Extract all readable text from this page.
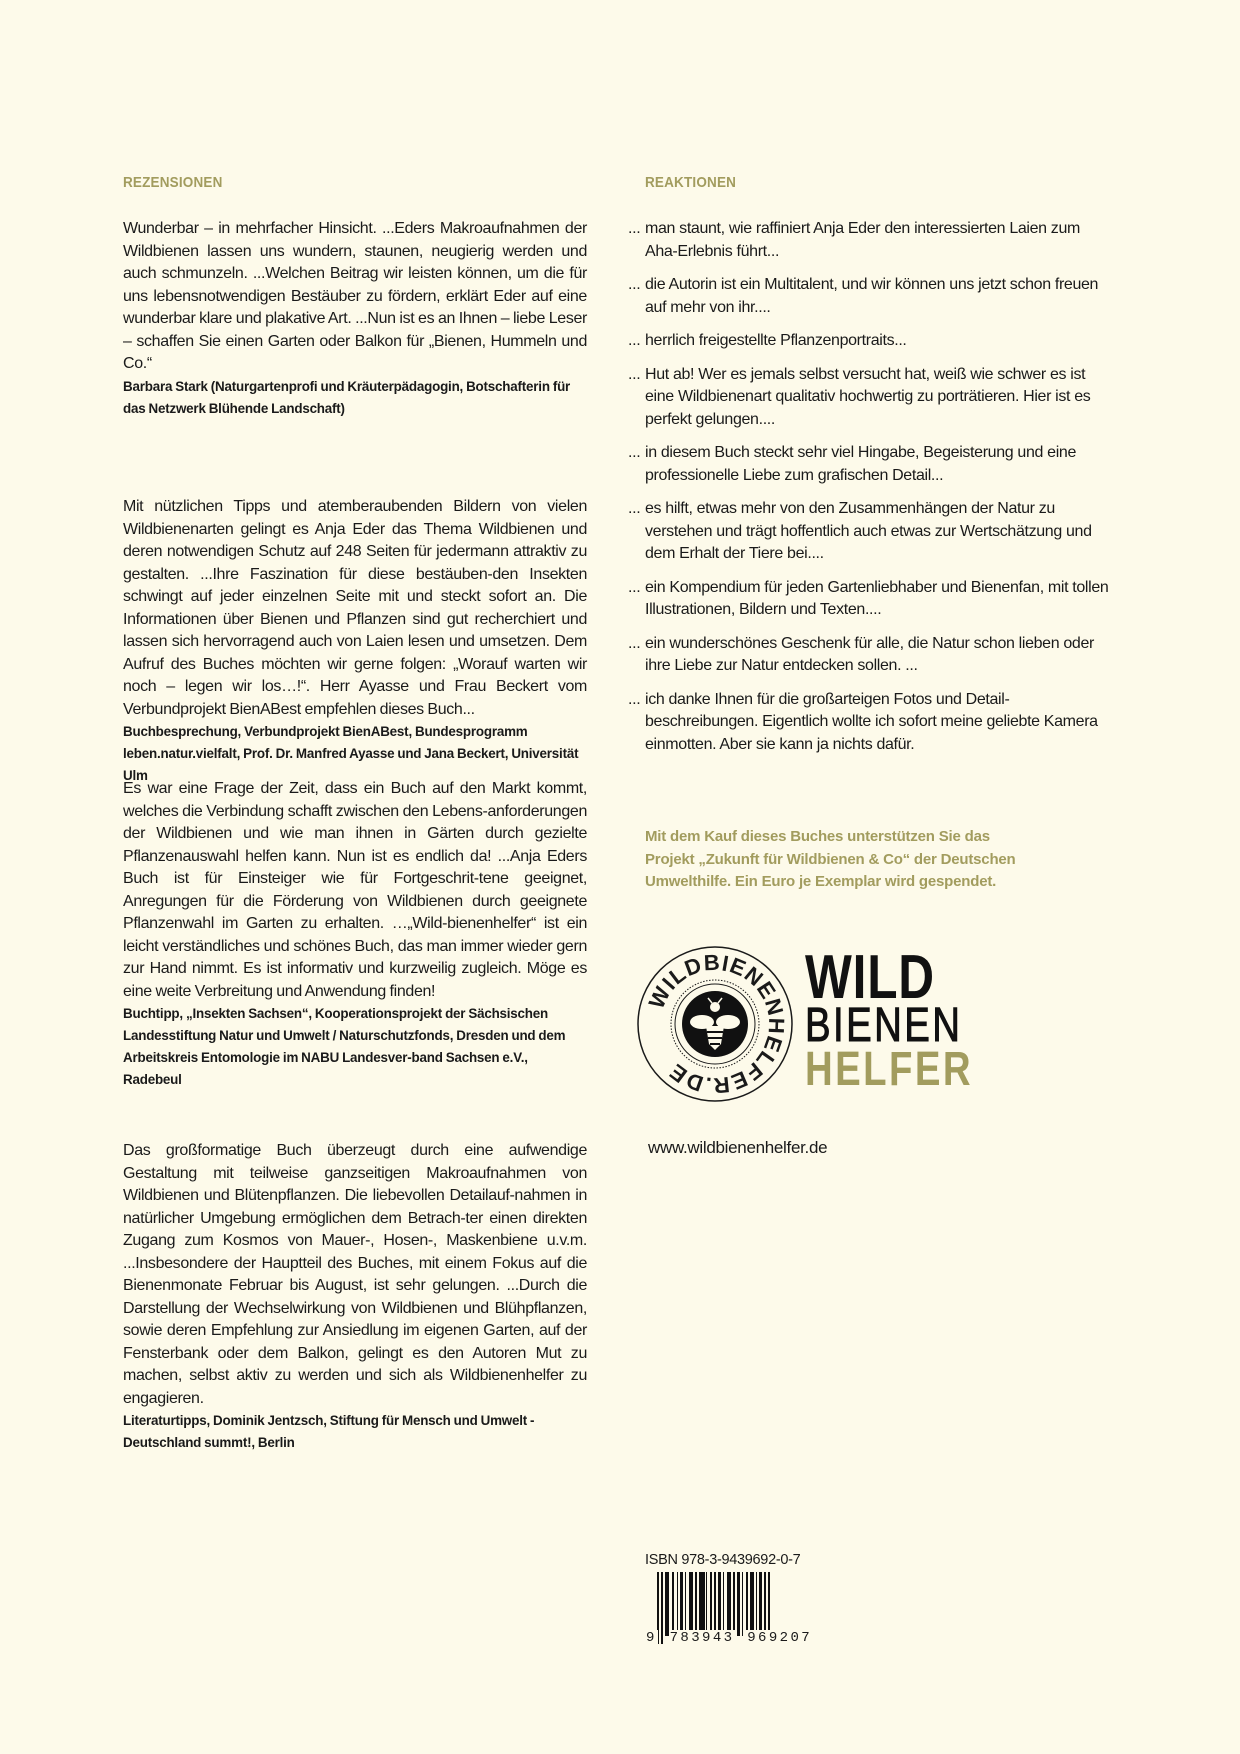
REZENSIONEN

Wunderbar – in mehrfacher Hinsicht. ...Eders Makroaufnahmen der Wildbienen lassen uns wundern, staunen, neugierig werden und auch schmunzeln. ...Welchen Beitrag wir leisten können, um die für uns lebensnotwendigen Bestäuber zu fördern, erklärt Eder auf eine wunderbar klare und plakative Art. ...Nun ist es an Ihnen – liebe Leser – schaffen Sie einen Garten oder Balkon für „Bienen, Hummeln und Co.“

Barbara Stark (Naturgartenprofi und Kräuterpädagogin, Botschafterin für das Netzwerk Blühende Landschaft)

Mit nützlichen Tipps und atemberaubenden Bildern von vielen Wildbienenarten gelingt es Anja Eder das Thema Wildbienen und deren notwendigen Schutz auf 248 Seiten für jedermann attraktiv zu gestalten. ...Ihre Faszination für diese bestäuben-den Insekten schwingt auf jeder einzelnen Seite mit und steckt sofort an. Die Informationen über Bienen und Pflanzen sind gut recherchiert und lassen sich hervorragend auch von Laien lesen und umsetzen. Dem Aufruf des Buches möchten wir gerne folgen: „Worauf warten wir noch – legen wir los…!“. Herr Ayasse und Frau Beckert vom Verbundprojekt BienABest empfehlen dieses Buch...

Buchbesprechung, Verbundprojekt BienABest, Bundesprogramm leben.natur.vielfalt, Prof. Dr. Manfred Ayasse und Jana Beckert, Universität Ulm

Es war eine Frage der Zeit, dass ein Buch auf den Markt kommt, welches die Verbindung schafft zwischen den Lebens-anforderungen der Wildbienen und wie man ihnen in Gärten durch gezielte Pflanzenauswahl helfen kann. Nun ist es endlich da! ...Anja Eders Buch ist für Einsteiger wie für Fortgeschrit-tene geeignet, Anregungen für die Förderung von Wildbienen durch geeignete Pflanzenwahl im Garten zu erhalten. …„Wild-bienenhelfer“ ist ein leicht verständliches und schönes Buch, das man immer wieder gern zur Hand nimmt. Es ist informativ und kurzweilig zugleich. Möge es eine weite Verbreitung und Anwendung finden!

Buchtipp, „Insekten Sachsen“, Kooperationsprojekt der Sächsischen Landesstiftung Natur und Umwelt / Naturschutzfonds, Dresden und dem Arbeitskreis Entomologie im NABU Landesver-band Sachsen e.V., Radebeul

Das großformatige Buch überzeugt durch eine aufwendige Gestaltung mit teilweise ganzseitigen Makroaufnahmen von Wildbienen und Blütenpflanzen. Die liebevollen Detailauf-nahmen in natürlicher Umgebung ermöglichen dem Betrach-ter einen direkten Zugang zum Kosmos von Mauer-, Hosen-, Maskenbiene u.v.m. ...Insbesondere der Hauptteil des Buches, mit einem Fokus auf die Bienenmonate Februar bis August, ist sehr gelungen. ...Durch die Darstellung der Wechselwirkung von Wildbienen und Blühpflanzen, sowie deren Empfehlung zur Ansiedlung im eigenen Garten, auf der Fensterbank oder dem Balkon, gelingt es den Autoren Mut zu machen, selbst aktiv zu werden und sich als Wildbienenhelfer zu engagieren.

Literaturtipps, Dominik Jentzsch, Stiftung für Mensch und Umwelt - Deutschland summt!, Berlin

REAKTIONEN
... man staunt, wie raffiniert Anja Eder den interessierten Laien zum Aha-Erlebnis führt...
... die Autorin ist ein Multitalent, und wir können uns jetzt schon freuen auf mehr von ihr....
... herrlich freigestellte Pflanzenportraits...
... Hut ab! Wer es jemals selbst versucht hat, weiß wie schwer es ist eine Wildbienenart qualitativ hochwertig zu porträtieren. Hier ist es perfekt gelungen....
... in diesem Buch steckt sehr viel Hingabe, Begeisterung und eine professionelle Liebe zum grafischen Detail...
... es hilft, etwas mehr von den Zusammenhängen der Natur zu verstehen und trägt hoffentlich auch etwas zur Wertschätzung und dem Erhalt der Tiere bei....
... ein Kompendium für jeden Gartenliebhaber und Bienenfan, mit tollen Illustrationen, Bildern und Texten....
... ein wunderschönes Geschenk für alle, die Natur schon lieben oder ihre Liebe zur Natur entdecken sollen. ...
... ich danke Ihnen für die großarteigen Fotos und Detail-beschreibungen. Eigentlich wollte ich sofort meine geliebte Kamera einmotten. Aber sie kann ja nichts dafür.
Mit dem Kauf dieses Buches unterstützen Sie das Projekt „Zukunft für Wildbienen & Co“ der Deutschen Umwelthilfe. Ein Euro je Exemplar wird gespendet.
WILDBIENENHELFER.DE
WILD
BIENEN
HELFER
www.wildbienenhelfer.de
ISBN 978-3-9439692-0-7
9 783943 969207
